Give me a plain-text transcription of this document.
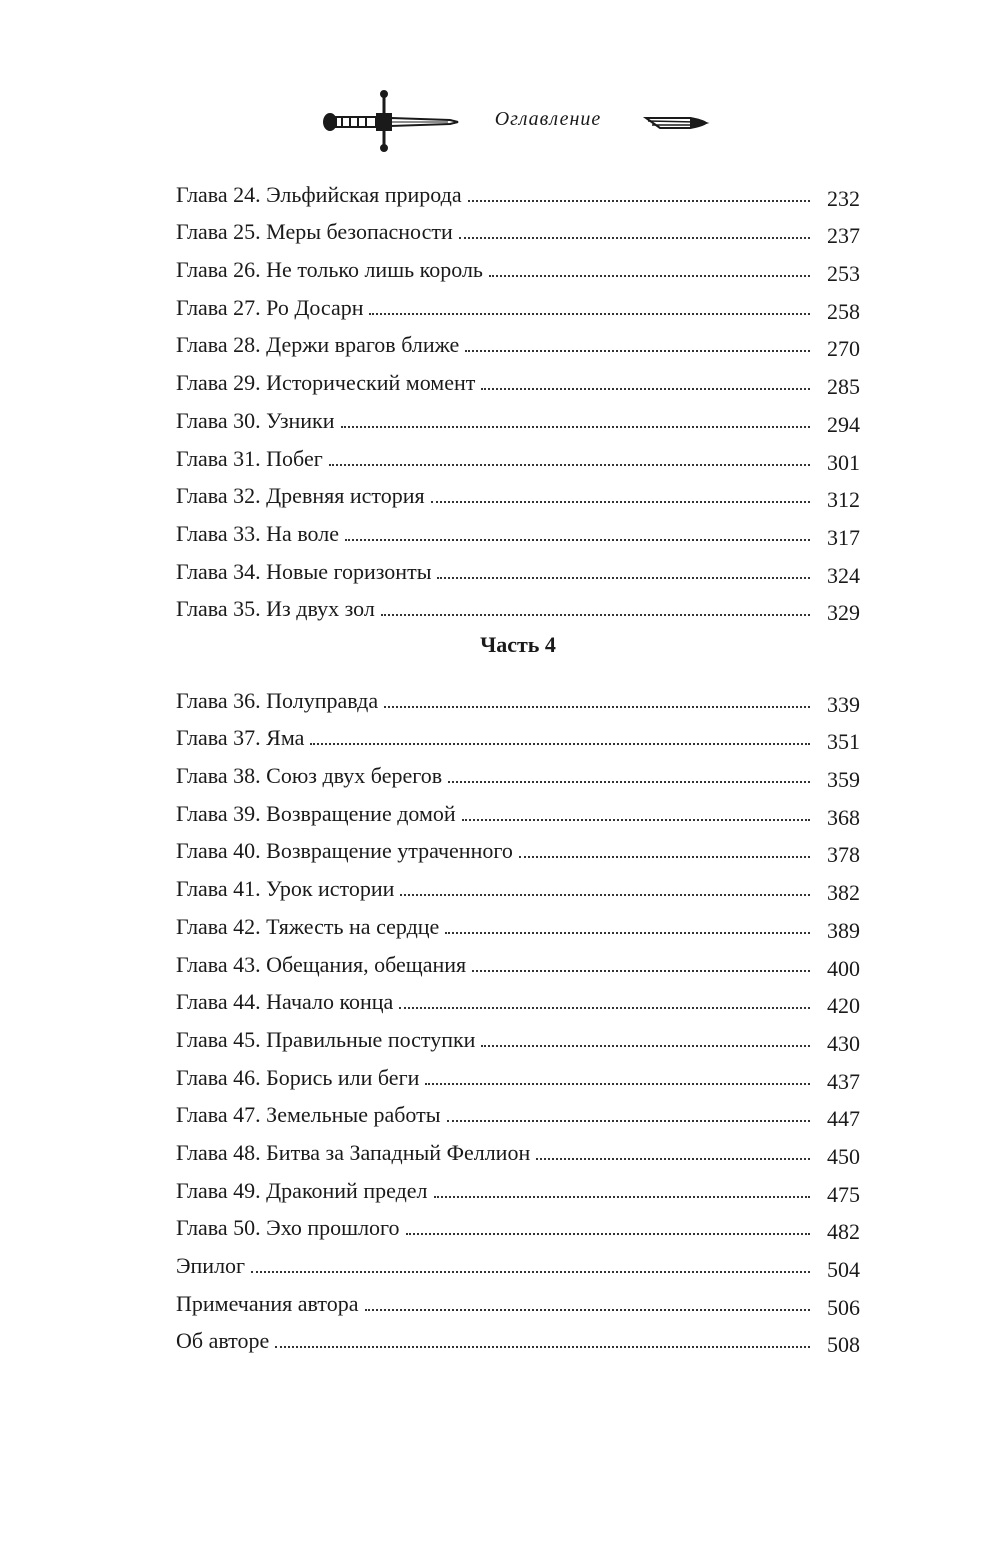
Оглавление
Глава 24. Эльфийская природа	232
Глава 25. Меры безопасности	237
Глава 26. Не только лишь король	253
Глава 27. Ро Досарн	258
Глава 28. Держи врагов ближе	270
Глава 29. Исторический момент	285
Глава 30. Узники	294
Глава 31. Побег	301
Глава 32. Древняя история	312
Глава 33. На воле	317
Глава 34. Новые горизонты	324
Глава 35. Из двух зол	329
Часть 4
Глава 36. Полуправда	339
Глава 37. Яма	351
Глава 38. Союз двух берегов	359
Глава 39. Возвращение домой	368
Глава 40. Возвращение утраченного	378
Глава 41. Урок истории	382
Глава 42. Тяжесть на сердце	389
Глава 43. Обещания, обещания	400
Глава 44. Начало конца	420
Глава 45. Правильные поступки	430
Глава 46. Борись или беги	437
Глава 47. Земельные работы	447
Глава 48. Битва за Западный Феллион	450
Глава 49. Драконий предел	475
Глава 50. Эхо прошлого	482
Эпилог	504
Примечания автора	506
Об авторе	508
